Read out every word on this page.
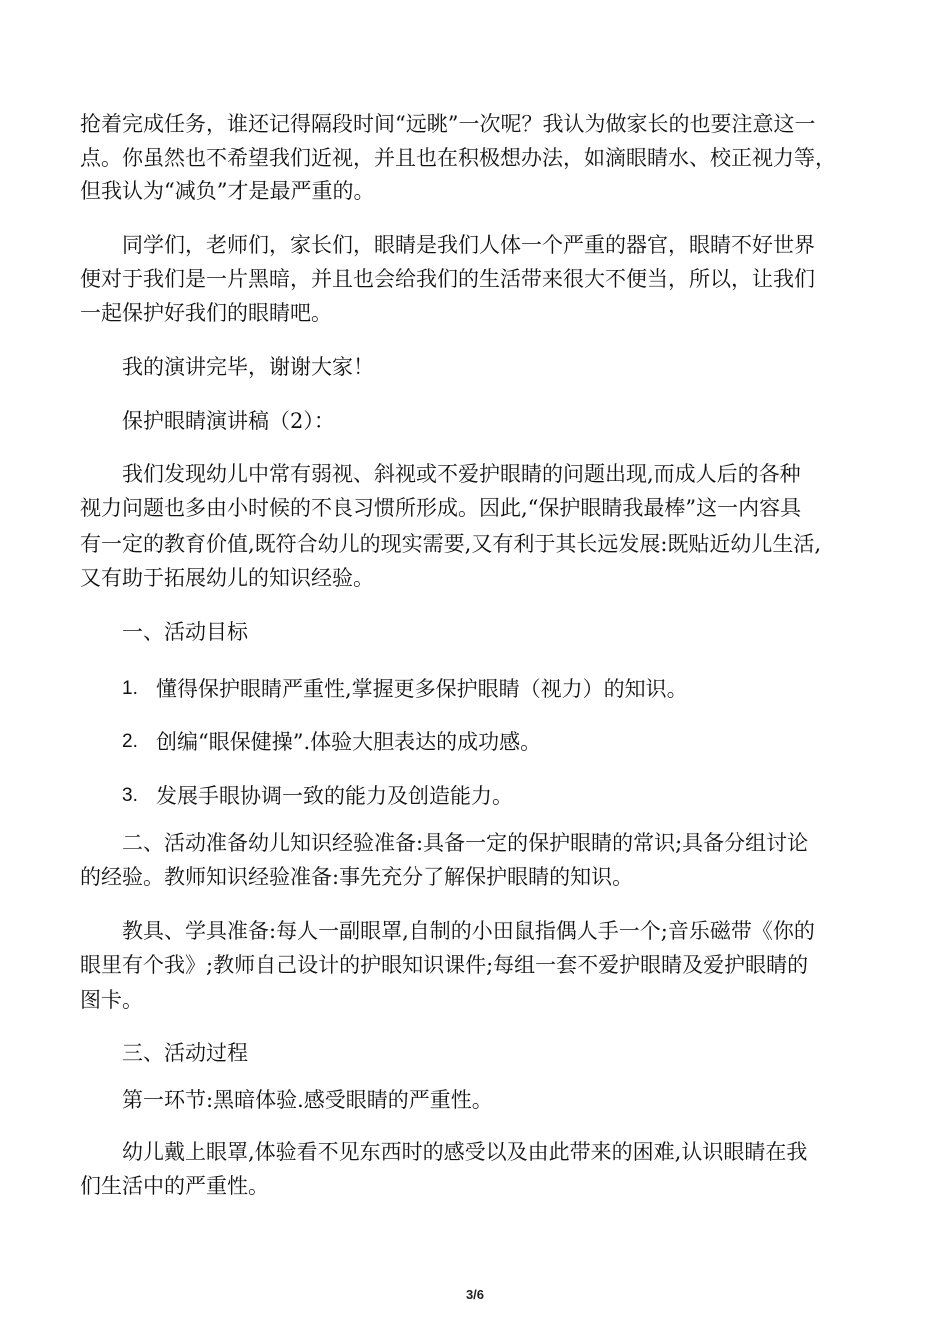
抢着完成任务，谁还记得隔段时间“远眺”一次呢？我认为做家长的也要注意这一
点。你虽然也不希望我们近视，并且也在积极想办法，如滴眼睛水、校正视力等，
但我认为“减负”才是最严重的。
同学们，老师们，家长们，眼睛是我们人体一个严重的器官，眼睛不好世界
便对于我们是一片黑暗，并且也会给我们的生活带来很大不便当，所以，让我们
一起保护好我们的眼睛吧。
我的演讲完毕，谢谢大家！
保护眼睛演讲稿（2）：
我们发现幼儿中常有弱视、斜视或不爱护眼睛的问题出现,而成人后的各种
视力问题也多由小时候的不良习惯所形成。因此,“保护眼睛我最棒”这一内容具
有一定的教育价值,既符合幼儿的现实需要,又有利于其长远发展:既贴近幼儿生活,
又有助于拓展幼儿的知识经验。
一、活动目标
1. 懂得保护眼睛严重性,掌握更多保护眼睛（视力）的知识。
2. 创编“眼保健操”.体验大胆表达的成功感。
3. 发展手眼协调一致的能力及创造能力。
二、活动准备幼儿知识经验准备:具备一定的保护眼睛的常识;具备分组讨论
的经验。教师知识经验准备:事先充分了解保护眼睛的知识。
教具、学具准备:每人一副眼罩,自制的小田鼠指偶人手一个;音乐磁带《你的
眼里有个我》;教师自己设计的护眼知识课件;每组一套不爱护眼睛及爱护眼睛的
图卡。
三、活动过程
第一环节:黑暗体验.感受眼睛的严重性。
幼儿戴上眼罩,体验看不见东西时的感受以及由此带来的困难,认识眼睛在我
们生活中的严重性。
3/6
